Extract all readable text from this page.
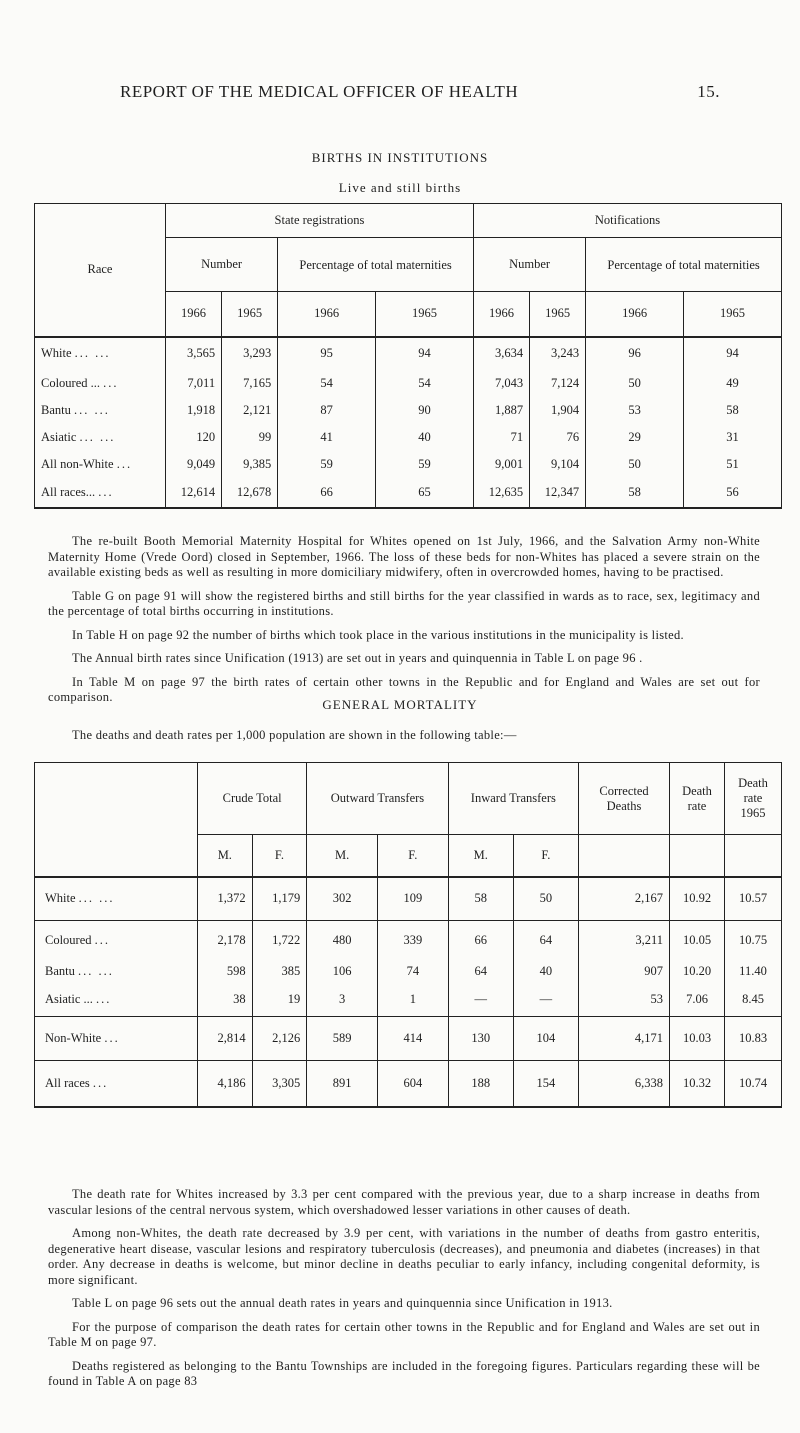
REPORT OF THE MEDICAL OFFICER OF HEALTH	15.
BIRTHS IN INSTITUTIONS
Live and still births
Race	State registrations				Notifications			
	Number		Percentage of total maternities		Number		Percentage of total maternities	
	1966	1965	1966	1965	1966	1965	1966	1965
White ... ...	3,565	3,293	95	94	3,634	3,243	96	94
Coloured ... ...	7,011	7,165	54	54	7,043	7,124	50	49
Bantu ... ...	1,918	2,121	87	90	1,887	1,904	53	58
Asiatic ... ...	120	99	41	40	71	76	29	31
All non-White ...	9,049	9,385	59	59	9,001	9,104	50	51
All races... ...	12,614	12,678	66	65	12,635	12,347	58	56

The re-built Booth Memorial Maternity Hospital for Whites opened on 1st July, 1966, and the Salvation Army non-White Maternity Home (Vrede Oord) closed in September, 1966. The loss of these beds for non-Whites has placed a severe strain on the available existing beds as well as resulting in more domiciliary midwifery, often in overcrowded homes, having to be practised.

Table G on page 91 will show the registered births and still births for the year classified in wards as to race, sex, legitimacy and the percentage of total births occurring in institutions.

In Table H on page 92 the number of births which took place in the various institutions in the municipality is listed.

The Annual birth rates since Unification (1913) are set out in years and quinquennia in Table L on page 96 .

In Table M on page 97 the birth rates of certain other towns in the Republic and for England and Wales are set out for comparison.	GENERAL MORTALITY
The deaths and death rates per 1,000 population are shown in the following table:—
	Crude Total		Outward Transfers		Inward Transfers		Corrected Deaths	Death rate	Death rate 1965
	M.	F.	M.	F.	M.	F.			
White ... ...	1,372	1,179	302	109	58	50	2,167	10.92	10.57
Coloured ...	2,178	1,722	480	339	66	64	3,211	10.05	10.75
Bantu ... ...	598	385	106	74	64	40	907	10.20	11.40
Asiatic ... ...	38	19	3	1	—	—	53	7.06	8.45
Non-White ...	2,814	2,126	589	414	130	104	4,171	10.03	10.83
All races ...	4,186	3,305	891	604	188	154	6,338	10.32	10.74

The death rate for Whites increased by 3.3 per cent compared with the previous year, due to a sharp increase in deaths from vascular lesions of the central nervous system, which overshadowed lesser variations in other causes of death.

Among non-Whites, the death rate decreased by 3.9 per cent, with variations in the number of deaths from gastro enteritis, degenerative heart disease, vascular lesions and respiratory tuberculosis (decreases), and pneumonia and diabetes (increases) in that order. Any decrease in deaths is welcome, but minor decline in deaths peculiar to early infancy, including congenital deformity, is more significant.

Table L on page 96 sets out the annual death rates in years and quinquennia since Unification in 1913.

For the purpose of comparison the death rates for certain other towns in the Republic and for England and Wales are set out in Table M on page 97.

Deaths registered as belonging to the Bantu Townships are included in the foregoing figures. Particulars regarding these will be found in Table A on page 83
